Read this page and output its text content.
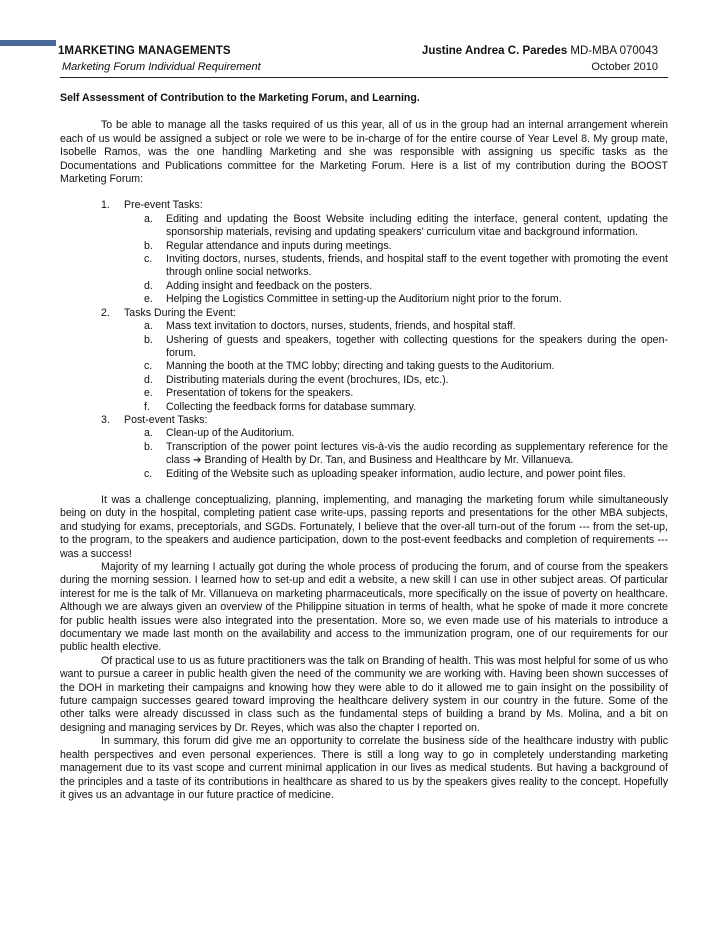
1MARKETING MANAGEMENTS	Justine Andrea C. Paredes MD-MBA 070043
Marketing Forum Individual Requirement	October 2010
Self Assessment of Contribution to the Marketing Forum, and Learning.

To be able to manage all the tasks required of us this year, all of us in the group had an internal arrangement wherein each of us would be assigned a subject or role we were to be in-charge of for the entire course of Year Level 8. My group mate, Isobelle Ramos, was the one handling Marketing and she was responsible with assigning us specific tasks as the Documentations and Publications committee for the Marketing Forum. Here is a list of my contribution during the BOOST Marketing Forum:

1. Pre-event Tasks:
a. Editing and updating the Boost Website including editing the interface, general content, updating the sponsorship materials, revising and updating speakers' curriculum vitae and background information.
b. Regular attendance and inputs during meetings.
c. Inviting doctors, nurses, students, friends, and hospital staff to the event together with promoting the event through online social networks.
d. Adding insight and feedback on the posters.
e. Helping the Logistics Committee in setting-up the Auditorium night prior to the forum.
2. Tasks During the Event:
a. Mass text invitation to doctors, nurses, students, friends, and hospital staff.
b. Ushering of guests and speakers, together with collecting questions for the speakers during the open-forum.
c. Manning the booth at the TMC lobby; directing and taking guests to the Auditorium.
d. Distributing materials during the event (brochures, IDs, etc.).
e. Presentation of tokens for the speakers.
f. Collecting the feedback forms for database summary.
3. Post-event Tasks:
a. Clean-up of the Auditorium.
b. Transcription of the power point lectures vis-à-vis the audio recording as supplementary reference for the class ➔ Branding of Health by Dr. Tan, and Business and Healthcare by Mr. Villanueva.
c. Editing of the Website such as uploading speaker information, audio lecture, and power point files.

It was a challenge conceptualizing, planning, implementing, and managing the marketing forum while simultaneously being on duty in the hospital, completing patient case write-ups, passing reports and presentations for the other MBA subjects, and studying for exams, preceptorials, and SGDs. Fortunately, I believe that the over-all turn-out of the forum --- from the set-up, to the program, to the speakers and audience participation, down to the post-event feedbacks and completion of requirements --- was a success!

Majority of my learning I actually got during the whole process of producing the forum, and of course from the speakers during the morning session. I learned how to set-up and edit a website, a new skill I can use in other subject areas. Of particular interest for me is the talk of Mr. Villanueva on marketing pharmaceuticals, more specifically on the issue of poverty on healthcare. Although we are always given an overview of the Philippine situation in terms of health, what he spoke of made it more concrete for public health issues were also integrated into the presentation. More so, we even made use of his materials to introduce a documentary we made last month on the availability and access to the immunization program, one of our requirements for our public health elective.

Of practical use to us as future practitioners was the talk on Branding of health. This was most helpful for some of us who want to pursue a career in public health given the need of the community we are working with. Having been shown successes of the DOH in marketing their campaigns and knowing how they were able to do it allowed me to gain insight on the possibility of future campaign successes geared toward improving the healthcare delivery system in our country in the future. Some of the other talks were already discussed in class such as the fundamental steps of building a brand by Ms. Molina, and a bit on designing and managing services by Dr. Reyes, which was also the chapter I reported on.

In summary, this forum did give me an opportunity to correlate the business side of the healthcare industry with public health perspectives and even personal experiences. There is still a long way to go in completely understanding marketing management due to its vast scope and current minimal application in our lives as medical students. But having a background of the principles and a taste of its contributions in healthcare as shared to us by the speakers gives reality to the concept. Hopefully it gives us an advantage in our future practice of medicine.
